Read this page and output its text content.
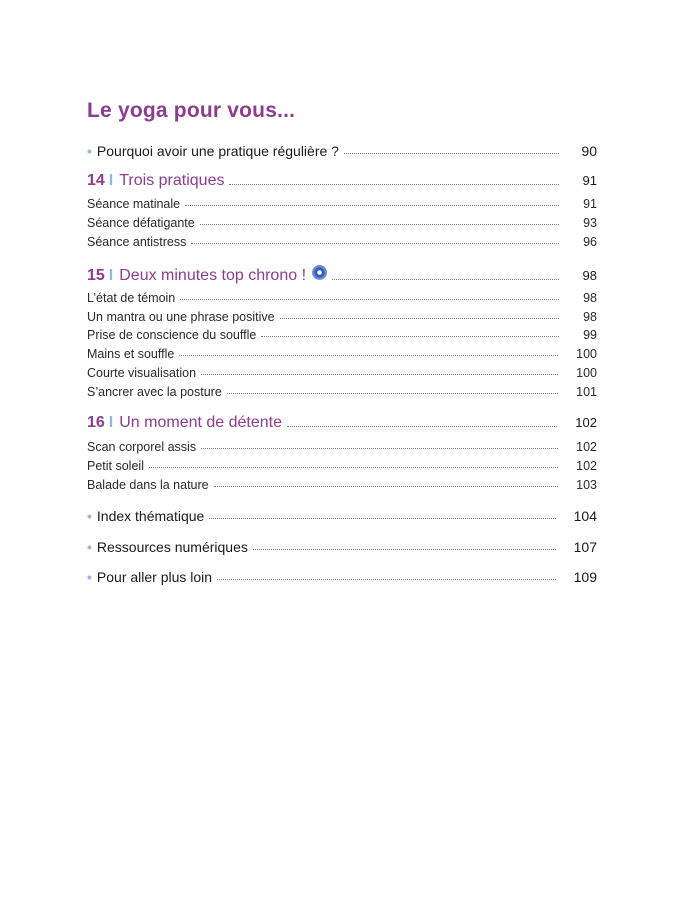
Le yoga pour vous...
• Pourquoi avoir une pratique régulière ?	90
14 I Trois pratiques	91
Séance matinale	91
Séance défatigante	93
Séance antistress	96
15 I Deux minutes top chrono !	98
L’état de témoin	98
Un mantra ou une phrase positive	98
Prise de conscience du souffle	99
Mains et souffle	100
Courte visualisation	100
S’ancrer avec la posture	101
16 I Un moment de détente	102
Scan corporel assis	102
Petit soleil	102
Balade dans la nature	103
• Index thématique	104
• Ressources numériques	107
• Pour aller plus loin	109
